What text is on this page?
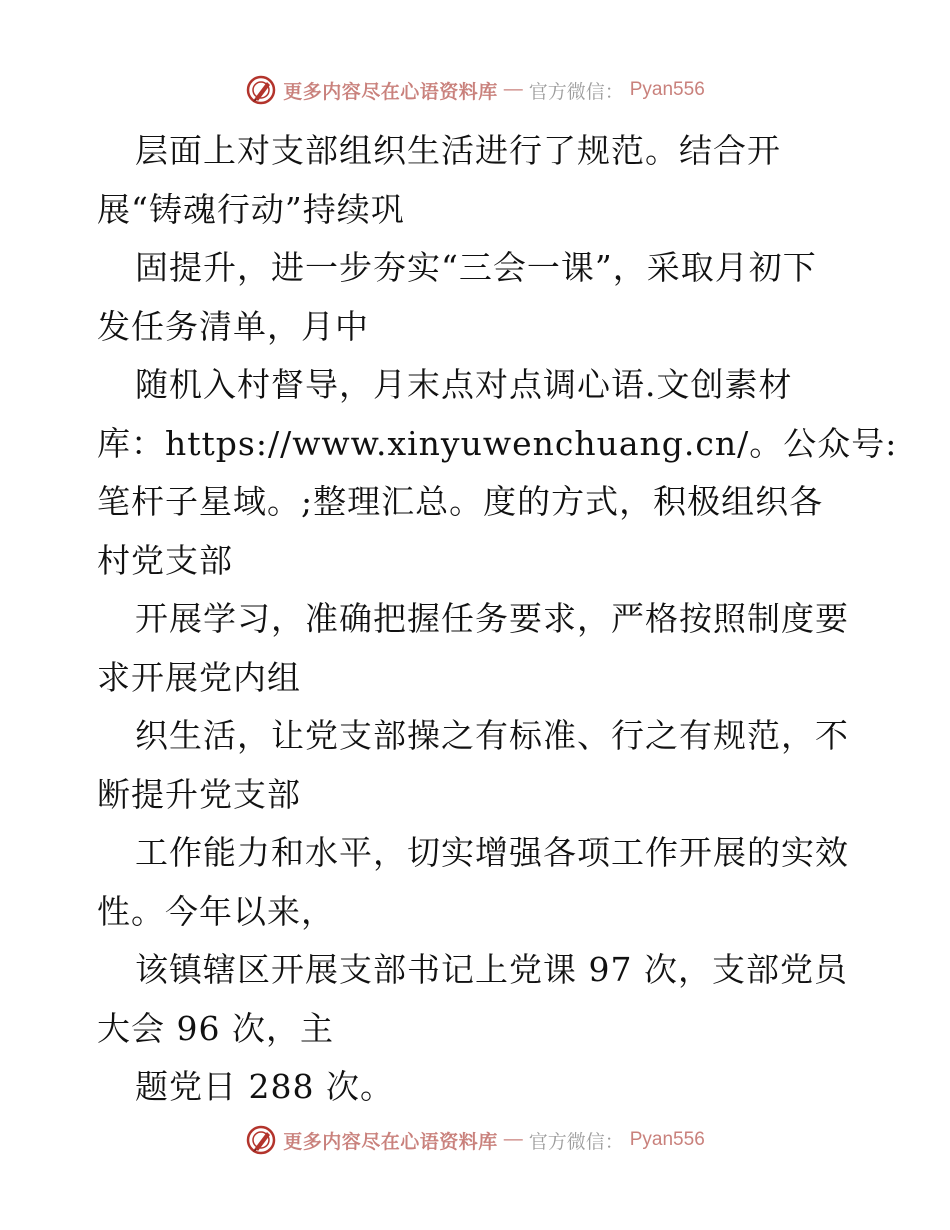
更多内容尽在心语资料库 — 官方微信： Pyan556
层面上对支部组织生活进行了规范。结合开
展“铸魂行动”持续巩
固提升，进一步夯实“三会一课”，采取月初下
发任务清单，月中
随机入村督导，月末点对点调心语.文创素材
库：https://www.xinyuwenchuang.cn/。公众号:
笔杆子星域。;整理汇总。度的方式，积极组织各
村党支部
开展学习，准确把握任务要求，严格按照制度要
求开展党内组
织生活，让党支部操之有标准、行之有规范，不
断提升党支部
工作能力和水平，切实增强各项工作开展的实效
性。今年以来，
该镇辖区开展支部书记上党课 97 次，支部党员
大会 96 次，主
题党日 288 次。
更多内容尽在心语资料库 — 官方微信： Pyan556
